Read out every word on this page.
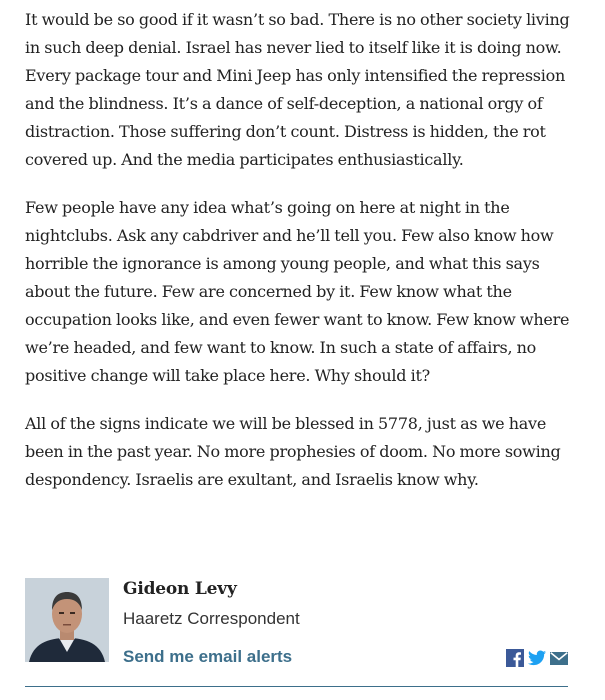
It would be so good if it wasn’t so bad. There is no other society living in such deep denial. Israel has never lied to itself like it is doing now. Every package tour and Mini Jeep has only intensified the repression and the blindness. It’s a dance of self-deception, a national orgy of distraction. Those suffering don’t count. Distress is hidden, the rot covered up. And the media participates enthusiastically.

Few people have any idea what’s going on here at night in the nightclubs. Ask any cabdriver and he’ll tell you. Few also know how horrible the ignorance is among young people, and what this says about the future. Few are concerned by it. Few know what the occupation looks like, and even fewer want to know. Few know where we’re headed, and few want to know. In such a state of affairs, no positive change will take place here. Why should it?

All of the signs indicate we will be blessed in 5778, just as we have been in the past year. No more prophesies of doom. No more sowing despondency. Israelis are exultant, and Israelis know why.

Gideon Levy
Haaretz Correspondent
Send me email alerts
